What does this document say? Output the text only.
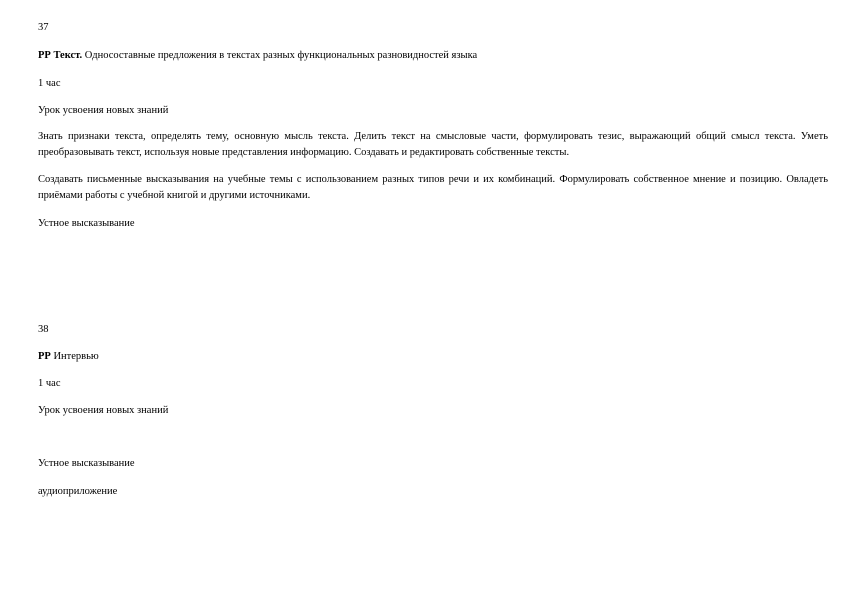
37

РР Текст. Односоставные предложения в текстах разных функциональных разновидностей языка

1 час

Урок усвоения новых знаний

Знать признаки текста, определять тему, основную мысль текста. Делить текст на смысловые части, формулировать тезис, выражающий общий смысл текста. Уметь преобразовывать текст, используя новые представления информацию. Создавать и редактировать собственные тексты.

Создавать письменные высказывания на учебные темы с использованием разных типов речи и их комбинаций. Формулировать собственное мнение и позицию. Овладеть приёмами работы с учебной книгой и другими источниками.

Устное высказывание

38

РР Интервью

1 час

Урок усвоения новых знаний

Устное высказывание

аудиоприложение
